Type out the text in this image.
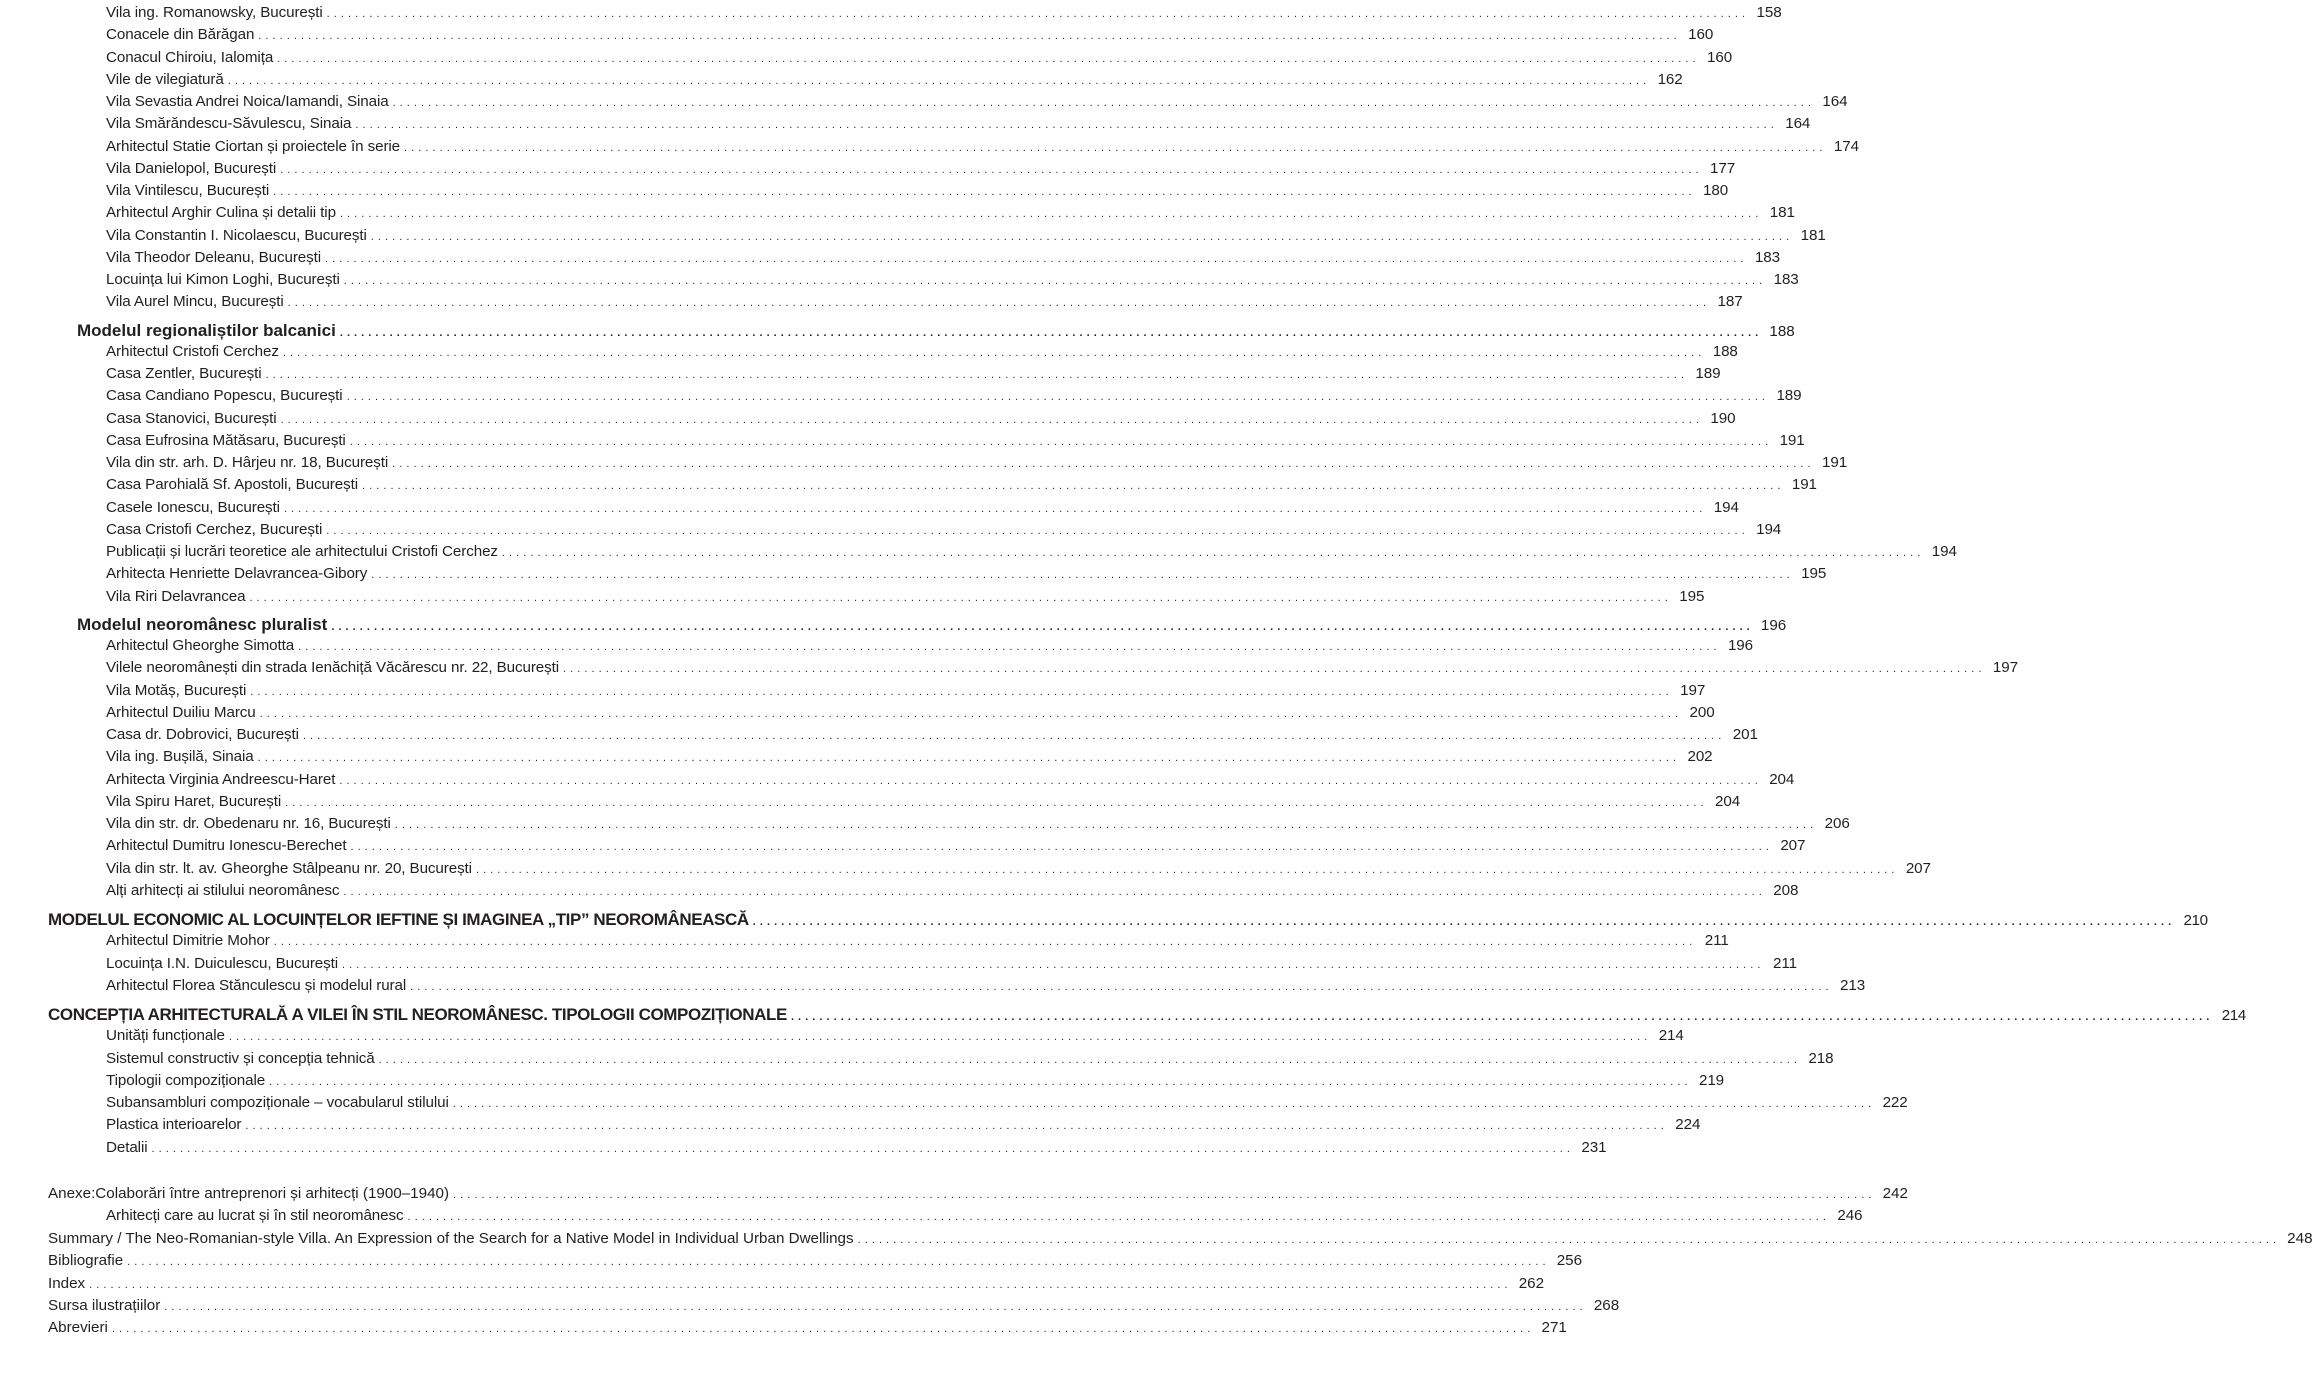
Vila ing. Romanowsky, București . . . . . . . . . . . . . . . . . . . . . . . . . . . . . . . . . . . . . . . . . . . . . . . . . . . . . . . . . . . . . . . . . . . . . . . . . . . . . . . . . . . . . . . . . . . . . . . . . . . . . . . . . . . . . . . . . . . . . . . . . . . . . . . . . . . . . . . . . . . . . . . . . . . . . . . . . . . . . . . . . . . . . . . . . . . . . . . . . . . . . . . . . . . . . . . . . . . . . . . . 158
Conacele din Bărăgan . . . . . . . . . . . . . . . . . . . . . . . . . . . . . . . . . . . . . . . . . . . . . . . . . . . . . . . . . . . . . . . . . . . . . . . . . . . . . . . . . . . . . . . . . . . . . . . . . . . . . . . . . . . . . . . . . . . . . . . . . . . . . . . . . . . . . . . . . . . . . . . . . . . . . . . . . . . . . . . . . . . . . . . . . . . . . . . . . . . . . . . . . . . . . . . . . . . . . . . . 160
Conacul Chiroiu, Ialomița . . . . . . . . . . . . . . . . . . . . . . . . . . . . . . . . . . . . . . . . . . . . . . . . . . . . . . . . . . . . . . . . . . . . . . . . . . . . . . . . . . . . . . . . . . . . . . . . . . . . . . . . . . . . . . . . . . . . . . . . . . . . . . . . . . . . . . . . . . . . . . . . . . . . . . . . . . . . . . . . . . . . . . . . . . . . . . . . . . . . . . . . . . . . . . . . . . . . . . . . 160
Vile de vilegiatură . . . . . . . . . . . . . . . . . . . . . . . . . . . . . . . . . . . . . . . . . . . . . . . . . . . . . . . . . . . . . . . . . . . . . . . . . . . . . . . . . . . . . . . . . . . . . . . . . . . . . . . . . . . . . . . . . . . . . . . . . . . . . . . . . . . . . . . . . . . . . . . . . . . . . . . . . . . . . . . . . . . . . . . . . . . . . . . . . . . . . . . . . . . . . . . . . . . . . . . . 162
Vila Sevastia Andrei Noica/Iamandi, Sinaia . . . . . . . . . . . . . . . . . . . . . . . . . . . . . . . . . . . . . . . . . . . . . . . . . . . . . . . . . . . . . . . . . . . . . . . . . . . . . . . . . . . . . . . . . . . . . . . . . . . . . . . . . . . . . . . . . . . . . . . . . . . . . . . . . . . . . . . . . . . . . . . . . . . . . . . . . . . . . . . . . . . . . . . . . . . . . . . . . . . . . . . . . . . . . . . . . . . . . . . . 164
Vila Smărăndescu-Săvulescu, Sinaia . . . . . . . . . . . . . . . . . . . . . . . . . . . . . . . . . . . . . . . . . . . . . . . . . . . . . . . . . . . . . . . . . . . . . . . . . . . . . . . . . . . . . . . . . . . . . . . . . . . . . . . . . . . . . . . . . . . . . . . . . . . . . . . . . . . . . . . . . . . . . . . . . . . . . . . . . . . . . . . . . . . . . . . . . . . . . . . . . . . . . . . . . . . . . . . . . . . . . . . . 164
Arhitectul Statie Ciortan și proiectele în serie . . . . . . . . . . . . . . . . . . . . . . . . . . . . . . . . . . . . . . . . . . . . . . . . . . . . . . . . . . . . . . . . . . . . . . . . . . . . . . . . . . . . . . . . . . . . . . . . . . . . . . . . . . . . . . . . . . . . . . . . . . . . . . . . . . . . . . . . . . . . . . . . . . . . . . . . . . . . . . . . . . . . . . . . . . . . . . . . . . . . . . . . . . . . . . . . . . . . . . . . 174
Vila Danielopol, București . . . . . . . . . . . . . . . . . . . . . . . . . . . . . . . . . . . . . . . . . . . . . . . . . . . . . . . . . . . . . . . . . . . . . . . . . . . . . . . . . . . . . . . . . . . . . . . . . . . . . . . . . . . . . . . . . . . . . . . . . . . . . . . . . . . . . . . . . . . . . . . . . . . . . . . . . . . . . . . . . . . . . . . . . . . . . . . . . . . . . . . . . . . . . . . . . . . . . . . . 177
Vila Vintilescu, București . . . . . . . . . . . . . . . . . . . . . . . . . . . . . . . . . . . . . . . . . . . . . . . . . . . . . . . . . . . . . . . . . . . . . . . . . . . . . . . . . . . . . . . . . . . . . . . . . . . . . . . . . . . . . . . . . . . . . . . . . . . . . . . . . . . . . . . . . . . . . . . . . . . . . . . . . . . . . . . . . . . . . . . . . . . . . . . . . . . . . . . . . . . . . . . . . . . . . . . . 180
Arhitectul Arghir Culina și detalii tip . . . . . . . . . . . . . . . . . . . . . . . . . . . . . . . . . . . . . . . . . . . . . . . . . . . . . . . . . . . . . . . . . . . . . . . . . . . . . . . . . . . . . . . . . . . . . . . . . . . . . . . . . . . . . . . . . . . . . . . . . . . . . . . . . . . . . . . . . . . . . . . . . . . . . . . . . . . . . . . . . . . . . . . . . . . . . . . . . . . . . . . . . . . . . . . . . . . . . . . . 181
Vila Constantin I. Nicolaescu, București . . . . . . . . . . . . . . . . . . . . . . . . . . . . . . . . . . . . . . . . . . . . . . . . . . . . . . . . . . . . . . . . . . . . . . . . . . . . . . . . . . . . . . . . . . . . . . . . . . . . . . . . . . . . . . . . . . . . . . . . . . . . . . . . . . . . . . . . . . . . . . . . . . . . . . . . . . . . . . . . . . . . . . . . . . . . . . . . . . . . . . . . . . . . . . . . . . . . . . . . 181
Vila Theodor Deleanu, București . . . . . . . . . . . . . . . . . . . . . . . . . . . . . . . . . . . . . . . . . . . . . . . . . . . . . . . . . . . . . . . . . . . . . . . . . . . . . . . . . . . . . . . . . . . . . . . . . . . . . . . . . . . . . . . . . . . . . . . . . . . . . . . . . . . . . . . . . . . . . . . . . . . . . . . . . . . . . . . . . . . . . . . . . . . . . . . . . . . . . . . . . . . . . . . . . . . . . . . . 183
Locuința lui Kimon Loghi, București . . . . . . . . . . . . . . . . . . . . . . . . . . . . . . . . . . . . . . . . . . . . . . . . . . . . . . . . . . . . . . . . . . . . . . . . . . . . . . . . . . . . . . . . . . . . . . . . . . . . . . . . . . . . . . . . . . . . . . . . . . . . . . . . . . . . . . . . . . . . . . . . . . . . . . . . . . . . . . . . . . . . . . . . . . . . . . . . . . . . . . . . . . . . . . . . . . . . . . . . 183
Vila Aurel Mincu, București . . . . . . . . . . . . . . . . . . . . . . . . . . . . . . . . . . . . . . . . . . . . . . . . . . . . . . . . . . . . . . . . . . . . . . . . . . . . . . . . . . . . . . . . . . . . . . . . . . . . . . . . . . . . . . . . . . . . . . . . . . . . . . . . . . . . . . . . . . . . . . . . . . . . . . . . . . . . . . . . . . . . . . . . . . . . . . . . . . . . . . . . . . . . . . . . . . . . . . . . 187
Modelul regionaliștilor balcanici . . . . . . . . . . . . . . . . . . . . . . . . . . . . . . . . . . . . . . . . . . . . . . . . . . . . . . . . . . . . . . . . . . . . . . . . . . . . . . . . . . . . . . . . . . . . . . . . . . . . . . . . . . . . . . . . . . . . . . . . . . . . . . . . . . . . . . . . . . . . . . . . . . . . . . . . . . . . . . . . . . . . . . . . . . . . . . . . . . . . . . . . . . . . . . . . . . . . . . . . 188
Arhitectul Cristofi Cerchez . . . . . . . . . . . . . . . . . . . . . . . . . . . . . . . . . . . . . . . . . . . . . . . . . . . . . . . . . . . . . . . . . . . . . . . . . . . . . . . . . . . . . . . . . . . . . . . . . . . . . . . . . . . . . . . . . . . . . . . . . . . . . . . . . . . . . . . . . . . . . . . . . . . . . . . . . . . . . . . . . . . . . . . . . . . . . . . . . . . . . . . . . . . . . . . . . . . . . . . . 188
Casa Zentler, București . . . . . . . . . . . . . . . . . . . . . . . . . . . . . . . . . . . . . . . . . . . . . . . . . . . . . . . . . . . . . . . . . . . . . . . . . . . . . . . . . . . . . . . . . . . . . . . . . . . . . . . . . . . . . . . . . . . . . . . . . . . . . . . . . . . . . . . . . . . . . . . . . . . . . . . . . . . . . . . . . . . . . . . . . . . . . . . . . . . . . . . . . . . . . . . . . . . . . . . . 189
Casa Candiano Popescu, București . . . . . . . . . . . . . . . . . . . . . . . . . . . . . . . . . . . . . . . . . . . . . . . . . . . . . . . . . . . . . . . . . . . . . . . . . . . . . . . . . . . . . . . . . . . . . . . . . . . . . . . . . . . . . . . . . . . . . . . . . . . . . . . . . . . . . . . . . . . . . . . . . . . . . . . . . . . . . . . . . . . . . . . . . . . . . . . . . . . . . . . . . . . . . . . . . . . . . . . . 189
Casa Stanovici, București . . . . . . . . . . . . . . . . . . . . . . . . . . . . . . . . . . . . . . . . . . . . . . . . . . . . . . . . . . . . . . . . . . . . . . . . . . . . . . . . . . . . . . . . . . . . . . . . . . . . . . . . . . . . . . . . . . . . . . . . . . . . . . . . . . . . . . . . . . . . . . . . . . . . . . . . . . . . . . . . . . . . . . . . . . . . . . . . . . . . . . . . . . . . . . . . . . . . . . . . 190
Casa Eufrosina Mătăsaru, București . . . . . . . . . . . . . . . . . . . . . . . . . . . . . . . . . . . . . . . . . . . . . . . . . . . . . . . . . . . . . . . . . . . . . . . . . . . . . . . . . . . . . . . . . . . . . . . . . . . . . . . . . . . . . . . . . . . . . . . . . . . . . . . . . . . . . . . . . . . . . . . . . . . . . . . . . . . . . . . . . . . . . . . . . . . . . . . . . . . . . . . . . . . . . . . . . . . . . . . . 191
Vila din str. arh. D. Hârjeu nr. 18, București . . . . . . . . . . . . . . . . . . . . . . . . . . . . . . . . . . . . . . . . . . . . . . . . . . . . . . . . . . . . . . . . . . . . . . . . . . . . . . . . . . . . . . . . . . . . . . . . . . . . . . . . . . . . . . . . . . . . . . . . . . . . . . . . . . . . . . . . . . . . . . . . . . . . . . . . . . . . . . . . . . . . . . . . . . . . . . . . . . . . . . . . . . . . . . . . . . . . . . . . 191
Casa Parohială Sf. Apostoli, București . . . . . . . . . . . . . . . . . . . . . . . . . . . . . . . . . . . . . . . . . . . . . . . . . . . . . . . . . . . . . . . . . . . . . . . . . . . . . . . . . . . . . . . . . . . . . . . . . . . . . . . . . . . . . . . . . . . . . . . . . . . . . . . . . . . . . . . . . . . . . . . . . . . . . . . . . . . . . . . . . . . . . . . . . . . . . . . . . . . . . . . . . . . . . . . . . . . . . . . . 191
Casele Ionescu, București . . . . . . . . . . . . . . . . . . . . . . . . . . . . . . . . . . . . . . . . . . . . . . . . . . . . . . . . . . . . . . . . . . . . . . . . . . . . . . . . . . . . . . . . . . . . . . . . . . . . . . . . . . . . . . . . . . . . . . . . . . . . . . . . . . . . . . . . . . . . . . . . . . . . . . . . . . . . . . . . . . . . . . . . . . . . . . . . . . . . . . . . . . . . . . . . . . . . . . . . 194
Casa Cristofi Cerchez, București . . . . . . . . . . . . . . . . . . . . . . . . . . . . . . . . . . . . . . . . . . . . . . . . . . . . . . . . . . . . . . . . . . . . . . . . . . . . . . . . . . . . . . . . . . . . . . . . . . . . . . . . . . . . . . . . . . . . . . . . . . . . . . . . . . . . . . . . . . . . . . . . . . . . . . . . . . . . . . . . . . . . . . . . . . . . . . . . . . . . . . . . . . . . . . . . . . . . . . . . 194
Publicații și lucrări teoretice ale arhitectului Cristofi Cerchez . . . . . . . . . . . . . . . . . . . . . . . . . . . . . . . . . . . . . . . . . . . . . . . . . . . . . . . . . . . . . . . . . . . . . . . . . . . . . . . . . . . . . . . . . . . . . . . . . . . . . . . . . . . . . . . . . . . . . . . . . . . . . . . . . . . . . . . . . . . . . . . . . . . . . . . . . . . . . . . . . . . . . . . . . . . . . . . . . . . . . . . . . . . . . . . . . . . . . . . . 194
Arhitecta Henriette Delavrancea-Gibory . . . . . . . . . . . . . . . . . . . . . . . . . . . . . . . . . . . . . . . . . . . . . . . . . . . . . . . . . . . . . . . . . . . . . . . . . . . . . . . . . . . . . . . . . . . . . . . . . . . . . . . . . . . . . . . . . . . . . . . . . . . . . . . . . . . . . . . . . . . . . . . . . . . . . . . . . . . . . . . . . . . . . . . . . . . . . . . . . . . . . . . . . . . . . . . . . . . . . . . . 195
Vila Riri Delavrancea . . . . . . . . . . . . . . . . . . . . . . . . . . . . . . . . . . . . . . . . . . . . . . . . . . . . . . . . . . . . . . . . . . . . . . . . . . . . . . . . . . . . . . . . . . . . . . . . . . . . . . . . . . . . . . . . . . . . . . . . . . . . . . . . . . . . . . . . . . . . . . . . . . . . . . . . . . . . . . . . . . . . . . . . . . . . . . . . . . . . . . . . . . . . . . . . . . . . . . . . 195
Modelul neoromânesc pluralist . . . . . . . . . . . . . . . . . . . . . . . . . . . . . . . . . . . . . . . . . . . . . . . . . . . . . . . . . . . . . . . . . . . . . . . . . . . . . . . . . . . . . . . . . . . . . . . . . . . . . . . . . . . . . . . . . . . . . . . . . . . . . . . . . . . . . . . . . . . . . . . . . . . . . . . . . . . . . . . . . . . . . . . . . . . . . . . . . . . . . . . . . . . . . . . . . . . . . . . . 196
Arhitectul Gheorghe Simotta . . . . . . . . . . . . . . . . . . . . . . . . . . . . . . . . . . . . . . . . . . . . . . . . . . . . . . . . . . . . . . . . . . . . . . . . . . . . . . . . . . . . . . . . . . . . . . . . . . . . . . . . . . . . . . . . . . . . . . . . . . . . . . . . . . . . . . . . . . . . . . . . . . . . . . . . . . . . . . . . . . . . . . . . . . . . . . . . . . . . . . . . . . . . . . . . . . . . . . . . 196
Vilele neoromânești din strada Ienăchiță Văcărescu nr. 22, București . . . . . . . . . . . . . . . . . . . . . . . . . . . . . . . . . . . . . . . . . . . . . . . . . . . . . . . . . . . . . . . . . . . . . . . . . . . . . . . . . . . . . . . . . . . . . . . . . . . . . . . . . . . . . . . . . . . . . . . . . . . . . . . . . . . . . . . . . . . . . . . . . . . . . . . . . . . . . . . . . . . . . . . . . . . . . . . . . . . . . . . . . . . . . . . . . . . . . . . . 197
Vila Motăș, București . . . . . . . . . . . . . . . . . . . . . . . . . . . . . . . . . . . . . . . . . . . . . . . . . . . . . . . . . . . . . . . . . . . . . . . . . . . . . . . . . . . . . . . . . . . . . . . . . . . . . . . . . . . . . . . . . . . . . . . . . . . . . . . . . . . . . . . . . . . . . . . . . . . . . . . . . . . . . . . . . . . . . . . . . . . . . . . . . . . . . . . . . . . . . . . . . . . . . . . . 197
Arhitectul Duiliu Marcu . . . . . . . . . . . . . . . . . . . . . . . . . . . . . . . . . . . . . . . . . . . . . . . . . . . . . . . . . . . . . . . . . . . . . . . . . . . . . . . . . . . . . . . . . . . . . . . . . . . . . . . . . . . . . . . . . . . . . . . . . . . . . . . . . . . . . . . . . . . . . . . . . . . . . . . . . . . . . . . . . . . . . . . . . . . . . . . . . . . . . . . . . . . . . . . . . . . . . . . . 200
Casa dr. Dobrovici, București . . . . . . . . . . . . . . . . . . . . . . . . . . . . . . . . . . . . . . . . . . . . . . . . . . . . . . . . . . . . . . . . . . . . . . . . . . . . . . . . . . . . . . . . . . . . . . . . . . . . . . . . . . . . . . . . . . . . . . . . . . . . . . . . . . . . . . . . . . . . . . . . . . . . . . . . . . . . . . . . . . . . . . . . . . . . . . . . . . . . . . . . . . . . . . . . . . . . . . . . 201
Vila ing. Bușilă, Sinaia . . . . . . . . . . . . . . . . . . . . . . . . . . . . . . . . . . . . . . . . . . . . . . . . . . . . . . . . . . . . . . . . . . . . . . . . . . . . . . . . . . . . . . . . . . . . . . . . . . . . . . . . . . . . . . . . . . . . . . . . . . . . . . . . . . . . . . . . . . . . . . . . . . . . . . . . . . . . . . . . . . . . . . . . . . . . . . . . . . . . . . . . . . . . . . . . . . . . . . . . 202
Arhitecta Virginia Andreescu-Haret . . . . . . . . . . . . . . . . . . . . . . . . . . . . . . . . . . . . . . . . . . . . . . . . . . . . . . . . . . . . . . . . . . . . . . . . . . . . . . . . . . . . . . . . . . . . . . . . . . . . . . . . . . . . . . . . . . . . . . . . . . . . . . . . . . . . . . . . . . . . . . . . . . . . . . . . . . . . . . . . . . . . . . . . . . . . . . . . . . . . . . . . . . . . . . . . . . . . . . . . 204
Vila Spiru Haret, București . . . . . . . . . . . . . . . . . . . . . . . . . . . . . . . . . . . . . . . . . . . . . . . . . . . . . . . . . . . . . . . . . . . . . . . . . . . . . . . . . . . . . . . . . . . . . . . . . . . . . . . . . . . . . . . . . . . . . . . . . . . . . . . . . . . . . . . . . . . . . . . . . . . . . . . . . . . . . . . . . . . . . . . . . . . . . . . . . . . . . . . . . . . . . . . . . . . . . . . . 204
Vila din str. dr. Obedenaru nr. 16, București . . . . . . . . . . . . . . . . . . . . . . . . . . . . . . . . . . . . . . . . . . . . . . . . . . . . . . . . . . . . . . . . . . . . . . . . . . . . . . . . . . . . . . . . . . . . . . . . . . . . . . . . . . . . . . . . . . . . . . . . . . . . . . . . . . . . . . . . . . . . . . . . . . . . . . . . . . . . . . . . . . . . . . . . . . . . . . . . . . . . . . . . . . . . . . . . . . . . . . . . 206
Arhitectul Dumitru Ionescu-Berechet . . . . . . . . . . . . . . . . . . . . . . . . . . . . . . . . . . . . . . . . . . . . . . . . . . . . . . . . . . . . . . . . . . . . . . . . . . . . . . . . . . . . . . . . . . . . . . . . . . . . . . . . . . . . . . . . . . . . . . . . . . . . . . . . . . . . . . . . . . . . . . . . . . . . . . . . . . . . . . . . . . . . . . . . . . . . . . . . . . . . . . . . . . . . . . . . . . . . . . . . 207
Vila din str. lt. av. Gheorghe Stâlpeanu nr. 20, București . . . . . . . . . . . . . . . . . . . . . . . . . . . . . . . . . . . . . . . . . . . . . . . . . . . . . . . . . . . . . . . . . . . . . . . . . . . . . . . . . . . . . . . . . . . . . . . . . . . . . . . . . . . . . . . . . . . . . . . . . . . . . . . . . . . . . . . . . . . . . . . . . . . . . . . . . . . . . . . . . . . . . . . . . . . . . . . . . . . . . . . . . . . . . . . . . . . . . . . . 207
Alți arhitecți ai stilului neoromânesc . . . . . . . . . . . . . . . . . . . . . . . . . . . . . . . . . . . . . . . . . . . . . . . . . . . . . . . . . . . . . . . . . . . . . . . . . . . . . . . . . . . . . . . . . . . . . . . . . . . . . . . . . . . . . . . . . . . . . . . . . . . . . . . . . . . . . . . . . . . . . . . . . . . . . . . . . . . . . . . . . . . . . . . . . . . . . . . . . . . . . . . . . . . . . . . . . . . . . . . . 208
MODELUL ECONOMIC AL LOCUINȚELOR IEFTINE ȘI IMAGINEA „TIP” NEOROMÂNEASCĂ . . . . . . . . . . . . . . . . . . . . . . . . . . . . . . . . . . . . . . . . . . . . . . . . . . . . . . . . . . . . . . . . . . . . . . . . . . . . . . . . . . . . . . . . . . . . . . . . . . . . . . . . . . . . . . . . . . . . . . . . . . . . . . . . . . . . . . . . . . . . . . . . . . . . . . . . . . . . . . . . . . . . . . . . . . . . . . . . . . . . . . . . . . . . . . . . . . . . . . . . 210
Arhitectul Dimitrie Mohor . . . . . . . . . . . . . . . . . . . . . . . . . . . . . . . . . . . . . . . . . . . . . . . . . . . . . . . . . . . . . . . . . . . . . . . . . . . . . . . . . . . . . . . . . . . . . . . . . . . . . . . . . . . . . . . . . . . . . . . . . . . . . . . . . . . . . . . . . . . . . . . . . . . . . . . . . . . . . . . . . . . . . . . . . . . . . . . . . . . . . . . . . . . . . . . . . . . . . . . . 211
Locuința I.N. Duiculescu, București . . . . . . . . . . . . . . . . . . . . . . . . . . . . . . . . . . . . . . . . . . . . . . . . . . . . . . . . . . . . . . . . . . . . . . . . . . . . . . . . . . . . . . . . . . . . . . . . . . . . . . . . . . . . . . . . . . . . . . . . . . . . . . . . . . . . . . . . . . . . . . . . . . . . . . . . . . . . . . . . . . . . . . . . . . . . . . . . . . . . . . . . . . . . . . . . . . . . . . . . 211
Arhitectul Florea Stănculescu și modelul rural . . . . . . . . . . . . . . . . . . . . . . . . . . . . . . . . . . . . . . . . . . . . . . . . . . . . . . . . . . . . . . . . . . . . . . . . . . . . . . . . . . . . . . . . . . . . . . . . . . . . . . . . . . . . . . . . . . . . . . . . . . . . . . . . . . . . . . . . . . . . . . . . . . . . . . . . . . . . . . . . . . . . . . . . . . . . . . . . . . . . . . . . . . . . . . . . . . . . . . . . 213
CONCEPȚIA ARHITECTURALĂ A VILEI ÎN STIL NEOROMÂNESC. TIPOLOGII COMPOZIȚIONALE . . . . . . . . . . . . . . . . . . . . . . . . . . . . . . . . . . . . . . . . . . . . . . . . . . . . . . . . . . . . . . . . . . . . . . . . . . . . . . . . . . . . . . . . . . . . . . . . . . . . . . . . . . . . . . . . . . . . . . . . . . . . . . . . . . . . . . . . . . . . . . . . . . . . . . . . . . . . . . . . . . . . . . . . . . . . . . . . . . . . . . . . . . . . . . . . . . . . . . . . 214
Unități funcționale . . . . . . . . . . . . . . . . . . . . . . . . . . . . . . . . . . . . . . . . . . . . . . . . . . . . . . . . . . . . . . . . . . . . . . . . . . . . . . . . . . . . . . . . . . . . . . . . . . . . . . . . . . . . . . . . . . . . . . . . . . . . . . . . . . . . . . . . . . . . . . . . . . . . . . . . . . . . . . . . . . . . . . . . . . . . . . . . . . . . . . . . . . . . . . . . . . . . . . . . 214
Sistemul constructiv și concepția tehnică . . . . . . . . . . . . . . . . . . . . . . . . . . . . . . . . . . . . . . . . . . . . . . . . . . . . . . . . . . . . . . . . . . . . . . . . . . . . . . . . . . . . . . . . . . . . . . . . . . . . . . . . . . . . . . . . . . . . . . . . . . . . . . . . . . . . . . . . . . . . . . . . . . . . . . . . . . . . . . . . . . . . . . . . . . . . . . . . . . . . . . . . . . . . . . . . . . . . . . . . 218
Tipologii compoziționale . . . . . . . . . . . . . . . . . . . . . . . . . . . . . . . . . . . . . . . . . . . . . . . . . . . . . . . . . . . . . . . . . . . . . . . . . . . . . . . . . . . . . . . . . . . . . . . . . . . . . . . . . . . . . . . . . . . . . . . . . . . . . . . . . . . . . . . . . . . . . . . . . . . . . . . . . . . . . . . . . . . . . . . . . . . . . . . . . . . . . . . . . . . . . . . . . . . . . . . . 219
Subansambluri compoziționale – vocabularul stilului . . . . . . . . . . . . . . . . . . . . . . . . . . . . . . . . . . . . . . . . . . . . . . . . . . . . . . . . . . . . . . . . . . . . . . . . . . . . . . . . . . . . . . . . . . . . . . . . . . . . . . . . . . . . . . . . . . . . . . . . . . . . . . . . . . . . . . . . . . . . . . . . . . . . . . . . . . . . . . . . . . . . . . . . . . . . . . . . . . . . . . . . . . . . . . . . . . . . . . . . 222
Plastica interioarelor . . . . . . . . . . . . . . . . . . . . . . . . . . . . . . . . . . . . . . . . . . . . . . . . . . . . . . . . . . . . . . . . . . . . . . . . . . . . . . . . . . . . . . . . . . . . . . . . . . . . . . . . . . . . . . . . . . . . . . . . . . . . . . . . . . . . . . . . . . . . . . . . . . . . . . . . . . . . . . . . . . . . . . . . . . . . . . . . . . . . . . . . . . . . . . . . . . . . . . . . 224
Detalii . . . . . . . . . . . . . . . . . . . . . . . . . . . . . . . . . . . . . . . . . . . . . . . . . . . . . . . . . . . . . . . . . . . . . . . . . . . . . . . . . . . . . . . . . . . . . . . . . . . . . . . . . . . . . . . . . . . . . . . . . . . . . . . . . . . . . . . . . . . . . . . . . . . . . . . . . . . . . . . . . . . . . . . . . . . . . . . . . . . . . . . . . . . . . . . . . . . . . . . . 231
Anexe: Colaborări între antreprenori și arhitecți (1900–1940) . . . . . . . . . . . . . . . . . . . . . . . . . . . . . . . . . . . . . . . . . . . . . . . . . . . . . . . . . . . . . . . . . . . . . . . . . . . . . . . . . . . . . . . . . . . . . . . . . . . . . . . . . . . . . . . . . . . . . . . . . . . . . . . . . . . . . . . . . . . . . . . . . . . . . . . . . . . . . . . . . . . . . . . . . . . . . . . . . . . . . . . . . . . . . . . . . . . . . . . . 242
Arhitecți care au lucrat și în stil neoromânesc . . . . . . . . . . . . . . . . . . . . . . . . . . . . . . . . . . . . . . . . . . . . . . . . . . . . . . . . . . . . . . . . . . . . . . . . . . . . . . . . . . . . . . . . . . . . . . . . . . . . . . . . . . . . . . . . . . . . . . . . . . . . . . . . . . . . . . . . . . . . . . . . . . . . . . . . . . . . . . . . . . . . . . . . . . . . . . . . . . . . . . . . . . . . . . . . . . . . . . . . 246
Summary / The Neo-Romanian-style Villa. An Expression of the Search for a Native Model in Individual Urban Dwellings . . . . . . . . . . . . . . . . . . . . . . . . . . . . . . . . . . . . . . . . . . . . . . . . . . . . . . . . . . . . . . . . . . . . . . . . . . . . . . . . . . . . . . . . . . . . . . . . . . . . . . . . . . . . . . . . . . . . . . . . . . . . . . . . . . . . . . . . . . . . . . . . . . . . . . . . . . . . . . . . . . . . . . . . . . . . . . . . . . . . . . . . . . . . . . . . . . . . . . . . 248
Bibliografie . . . . . . . . . . . . . . . . . . . . . . . . . . . . . . . . . . . . . . . . . . . . . . . . . . . . . . . . . . . . . . . . . . . . . . . . . . . . . . . . . . . . . . . . . . . . . . . . . . . . . . . . . . . . . . . . . . . . . . . . . . . . . . . . . . . . . . . . . . . . . . . . . . . . . . . . . . . . . . . . . . . . . . . . . . . . . . . . . . . . . . . . . . . . . . . . . . . . . . . . 256
Index . . . . . . . . . . . . . . . . . . . . . . . . . . . . . . . . . . . . . . . . . . . . . . . . . . . . . . . . . . . . . . . . . . . . . . . . . . . . . . . . . . . . . . . . . . . . . . . . . . . . . . . . . . . . . . . . . . . . . . . . . . . . . . . . . . . . . . . . . . . . . . . . . . . . . . . . . . . . . . . . . . . . . . . . . . . . . . . . . . . . . . . . . . . . . . . . . . . . . . . . 262
Sursa ilustrațiilor . . . . . . . . . . . . . . . . . . . . . . . . . . . . . . . . . . . . . . . . . . . . . . . . . . . . . . . . . . . . . . . . . . . . . . . . . . . . . . . . . . . . . . . . . . . . . . . . . . . . . . . . . . . . . . . . . . . . . . . . . . . . . . . . . . . . . . . . . . . . . . . . . . . . . . . . . . . . . . . . . . . . . . . . . . . . . . . . . . . . . . . . . . . . . . . . . . . . . . . . 268
Abrevieri . . . . . . . . . . . . . . . . . . . . . . . . . . . . . . . . . . . . . . . . . . . . . . . . . . . . . . . . . . . . . . . . . . . . . . . . . . . . . . . . . . . . . . . . . . . . . . . . . . . . . . . . . . . . . . . . . . . . . . . . . . . . . . . . . . . . . . . . . . . . . . . . . . . . . . . . . . . . . . . . . . . . . . . . . . . . . . . . . . . . . . . . . . . . . . . . . . . . . . . . 271
